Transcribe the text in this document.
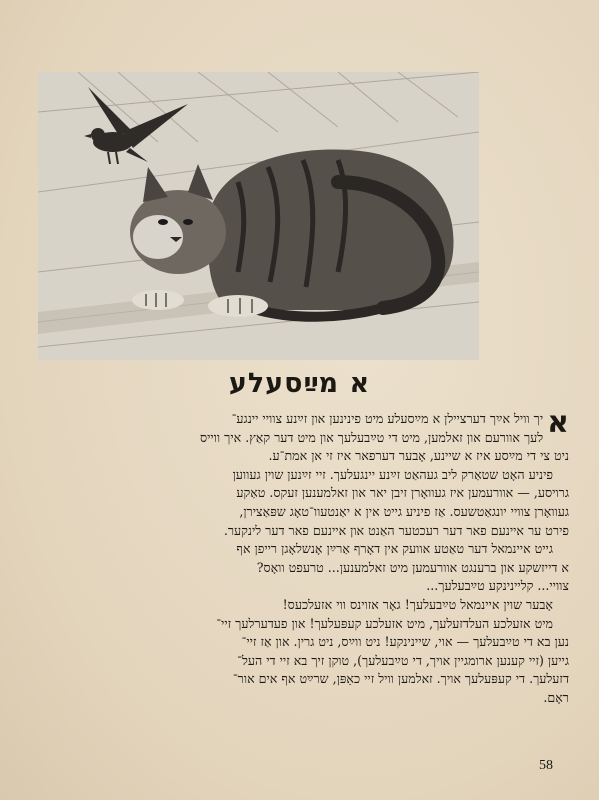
א מײַסעלע
א
יך וויל אײַך דערציילן א מײַסעלע מיט פינינען און זײַנע צוויי יינגע־
לעך אוורעם און זאלמען, מיט די טײַבעלעך און מיט דער קאַץ. איך ווייס
ניט צי די מײַסע איז א שיינע, אָבער דערפאר איז זי אן אמת־ע.
פיניע האָט שטאַרק ליב געהאַט זײַנע יינגעלעך. זיי זײַנען שוין געווען
גרויסע, — אוורעמען איז געוואָרן זיבן יאר און זאלמענען זעקס. טאַקע
געוואָרן צוויי יונגאַטשעס. אַז פיניע גייט אין א יאַנטעוו־טאָג שפּאַצירן,
פירט ער איינעם פאר דער רעכטער האַנט און איינעם פאר דער לינקער.
גייט איינמאל דער טאַטע אוועק אין דאָרף אַרײַן אָנשלאָגן רייפן אף
א דייזשקע און ברענגט אוורעמען מיט זאלמענען... טרעפט וואָס?
צוויי... קליינינקע טײַבעלעך...
אָבער שוין איינמאל טײַבעלעך! גאָר אזוינס ווי אזעלכעס!
מיט אזעלכע העלדזעלעך, מיט אזעלכע קעפּעלעך! און פעדערלעך זיי־
נען בא די טײַבעלעך — אוי, שיינינקע! ניט ווײַס, ניט גרין. און אַז זיי־
גייען (זיי קענען ארומגיין אויך, די טײַבעלעך), טוקן זיך בא זיי די העל־
דזעלעך. די קעפּעלעך אויך. זאלמען וויל זיי כאַפּן, שרײַט אף אים אור־
ראָם.
58
